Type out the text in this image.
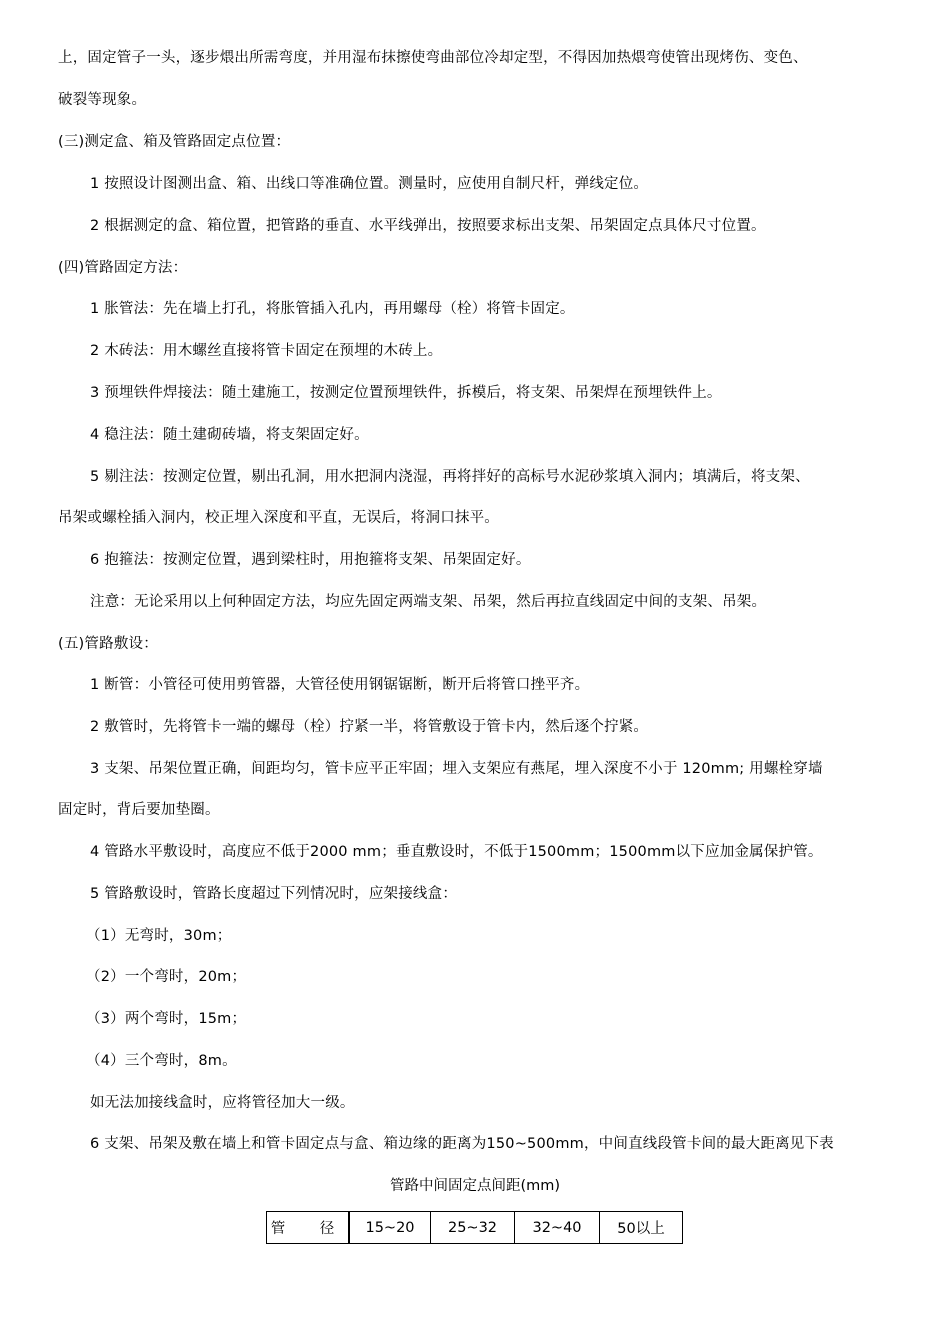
上，固定管子一头，逐步煨出所需弯度，并用湿布抹擦使弯曲部位冷却定型，不得因加热煨弯使管出现烤伤、变色、
破裂等现象。
(三)测定盒、箱及管路固定点位置：
1 按照设计图测出盒、箱、出线口等准确位置。测量时，应使用自制尺杆，弹线定位。
2 根据测定的盒、箱位置，把管路的垂直、水平线弹出，按照要求标出支架、吊架固定点具体尺寸位置。
(四)管路固定方法：
1 胀管法：先在墙上打孔，将胀管插入孔内，再用螺母（栓）将管卡固定。
2 木砖法：用木螺丝直接将管卡固定在预埋的木砖上。
3 预埋铁件焊接法：随土建施工，按测定位置预埋铁件，拆模后，将支架、吊架焊在预埋铁件上。
4 稳注法：随土建砌砖墙，将支架固定好。
5 剔注法：按测定位置，剔出孔洞，用水把洞内浇湿，再将拌好的高标号水泥砂浆填入洞内；填满后，将支架、
吊架或螺栓插入洞内，校正埋入深度和平直，无误后，将洞口抹平。
6 抱箍法：按测定位置，遇到梁柱时，用抱箍将支架、吊架固定好。
注意：无论采用以上何种固定方法，均应先固定两端支架、吊架，然后再拉直线固定中间的支架、吊架。
(五)管路敷设：
1 断管：小管径可使用剪管器，大管径使用钢锯锯断，断开后将管口挫平齐。
2 敷管时，先将管卡一端的螺母（栓）拧紧一半，将管敷设于管卡内，然后逐个拧紧。
3 支架、吊架位置正确，间距均匀，管卡应平正牢固；埋入支架应有燕尾，埋入深度不小于 120mm; 用螺栓穿墙
固定时，背后要加垫圈。
4 管路水平敷设时，高度应不低于2000 mm；垂直敷设时，不低于1500mm；1500mm以下应加金属保护管。
5 管路敷设时，管路长度超过下列情况时，应架接线盒：
（1）无弯时，30m；
（2）一个弯时，20m；
（3）两个弯时，15m；
（4）三个弯时，8m。
如无法加接线盒时，应将管径加大一级。
6 支架、吊架及敷在墙上和管卡固定点与盒、箱边缘的距离为150~500mm，中间直线段管卡间的最大距离见下表
管路中间固定点间距(mm)
管　径	15~20	25~32	32~40	50以上
